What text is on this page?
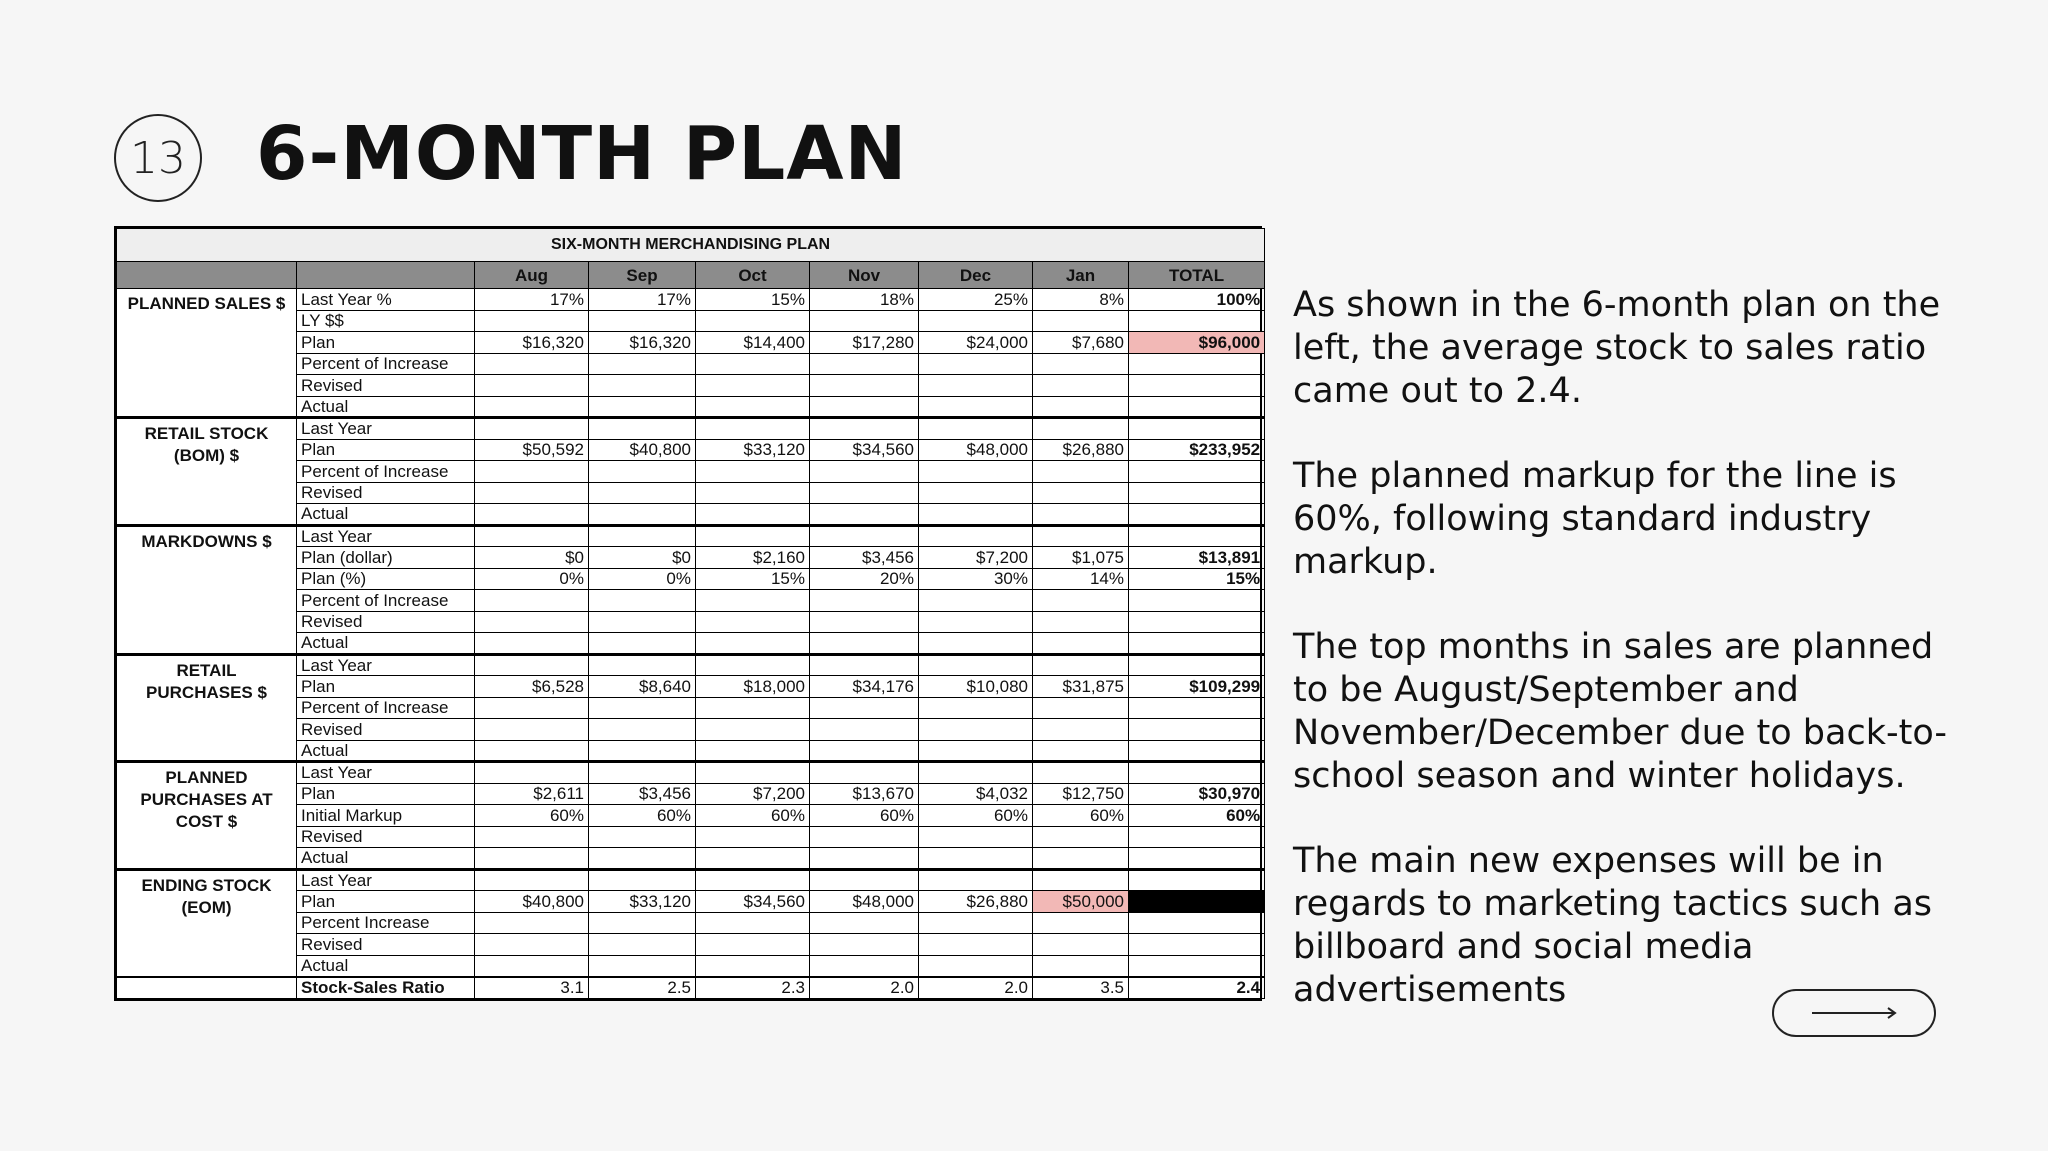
13 6-MONTH PLAN
SIX-MONTH MERCHANDISING PLAN								
		Aug	Sep	Oct	Nov	Dec	Jan	TOTAL
PLANNED SALES $	Last Year %	17%	17%	15%	18%	25%	8%	100%
	LY $$							
	Plan	$16,320	$16,320	$14,400	$17,280	$24,000	$7,680	$96,000
	Percent of Increase							
	Revised							
	Actual							
RETAIL STOCK (BOM) $	Last Year							
	Plan	$50,592	$40,800	$33,120	$34,560	$48,000	$26,880	$233,952
	Percent of Increase							
	Revised							
	Actual							
MARKDOWNS $	Last Year							
	Plan (dollar)	$0	$0	$2,160	$3,456	$7,200	$1,075	$13,891
	Plan (%)	0%	0%	15%	20%	30%	14%	15%
	Percent of Increase							
	Revised							
	Actual							
RETAIL PURCHASES $	Last Year							
	Plan	$6,528	$8,640	$18,000	$34,176	$10,080	$31,875	$109,299
	Percent of Increase							
	Revised							
	Actual							
PLANNED PURCHASES AT COST $	Last Year							
	Plan	$2,611	$3,456	$7,200	$13,670	$4,032	$12,750	$30,970
	Initial Markup	60%	60%	60%	60%	60%	60%	60%
	Revised							
	Actual							
ENDING STOCK (EOM)	Last Year							
	Plan	$40,800	$33,120	$34,560	$48,000	$26,880	$50,000	
	Percent Increase							
	Revised							
	Actual							
	Stock-Sales Ratio	3.1	2.5	2.3	2.0	2.0	3.5	2.4

As shown in the 6-month plan on the left, the average stock to sales ratio came out to 2.4.

The planned markup for the line is 60%, following standard industry markup.

The top months in sales are planned to be August/September and November/December due to back-to-school season and winter holidays.

The main new expenses will be in regards to marketing tactics such as billboard and social media advertisements
